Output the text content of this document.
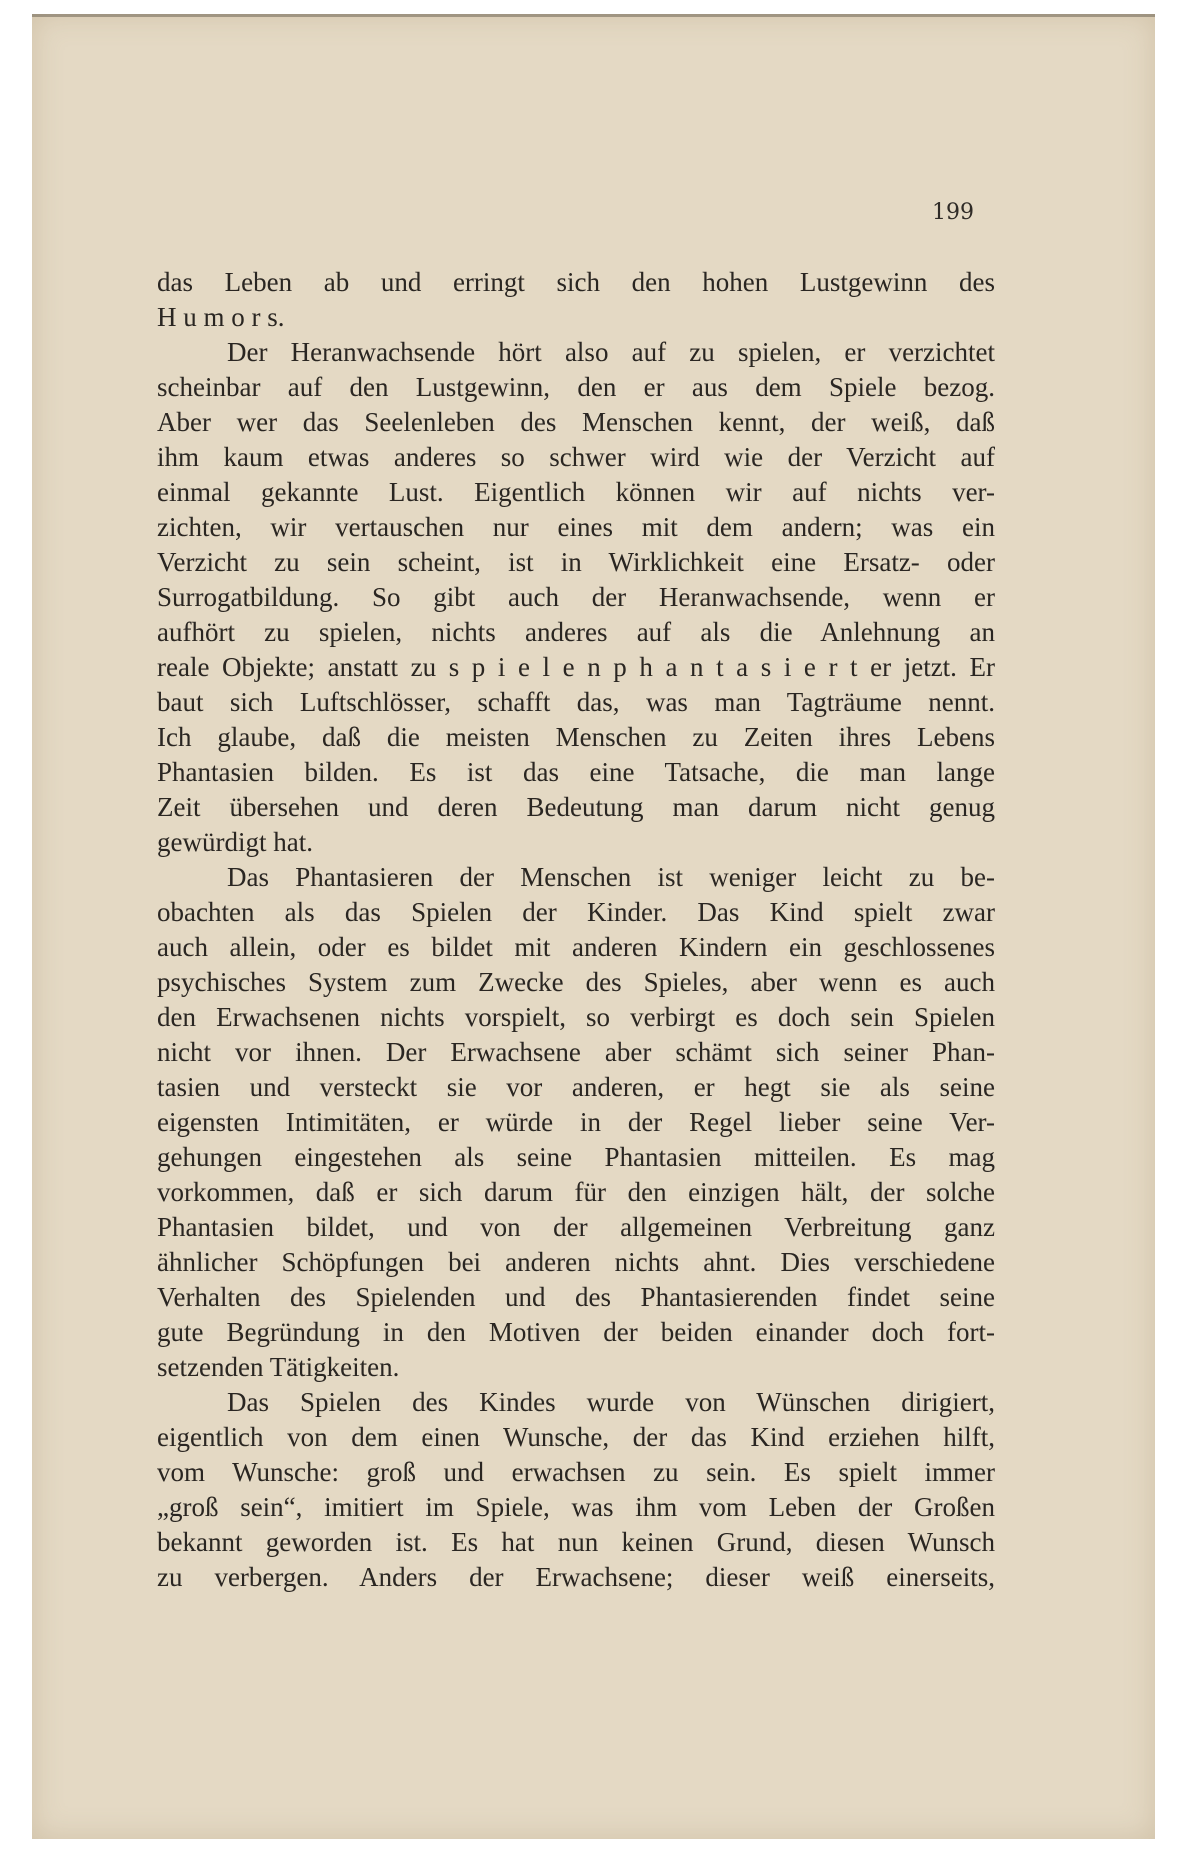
199
das Leben ab und erringt sich den hohen Lustgewinn des
H u m o r s.
Der Heranwachsende hört also auf zu spielen, er verzichtet
scheinbar auf den Lustgewinn, den er aus dem Spiele bezog.
Aber wer das Seelenleben des Menschen kennt, der weiß, daß
ihm kaum etwas anderes so schwer wird wie der Verzicht auf
einmal gekannte Lust. Eigentlich können wir auf nichts ver-
zichten, wir vertauschen nur eines mit dem andern; was ein
Verzicht zu sein scheint, ist in Wirklichkeit eine Ersatz- oder
Surrogatbildung. So gibt auch der Heranwachsende, wenn er
aufhört zu spielen, nichts anderes auf als die Anlehnung an
reale Objekte; anstatt zu s p i e l e n p h a n t a s i e r t er jetzt. Er
baut sich Luftschlösser, schafft das, was man Tagträume nennt.
Ich glaube, daß die meisten Menschen zu Zeiten ihres Lebens
Phantasien bilden. Es ist das eine Tatsache, die man lange
Zeit übersehen und deren Bedeutung man darum nicht genug
gewürdigt hat.
Das Phantasieren der Menschen ist weniger leicht zu be-
obachten als das Spielen der Kinder. Das Kind spielt zwar
auch allein, oder es bildet mit anderen Kindern ein geschlossenes
psychisches System zum Zwecke des Spieles, aber wenn es auch
den Erwachsenen nichts vorspielt, so verbirgt es doch sein Spielen
nicht vor ihnen. Der Erwachsene aber schämt sich seiner Phan-
tasien und versteckt sie vor anderen, er hegt sie als seine
eigensten Intimitäten, er würde in der Regel lieber seine Ver-
gehungen eingestehen als seine Phantasien mitteilen. Es mag
vorkommen, daß er sich darum für den einzigen hält, der solche
Phantasien bildet, und von der allgemeinen Verbreitung ganz
ähnlicher Schöpfungen bei anderen nichts ahnt. Dies verschiedene
Verhalten des Spielenden und des Phantasierenden findet seine
gute Begründung in den Motiven der beiden einander doch fort-
setzenden Tätigkeiten.
Das Spielen des Kindes wurde von Wünschen dirigiert,
eigentlich von dem einen Wunsche, der das Kind erziehen hilft,
vom Wunsche: groß und erwachsen zu sein. Es spielt immer
„groß sein“, imitiert im Spiele, was ihm vom Leben der Großen
bekannt geworden ist. Es hat nun keinen Grund, diesen Wunsch
zu verbergen. Anders der Erwachsene; dieser weiß einerseits,
